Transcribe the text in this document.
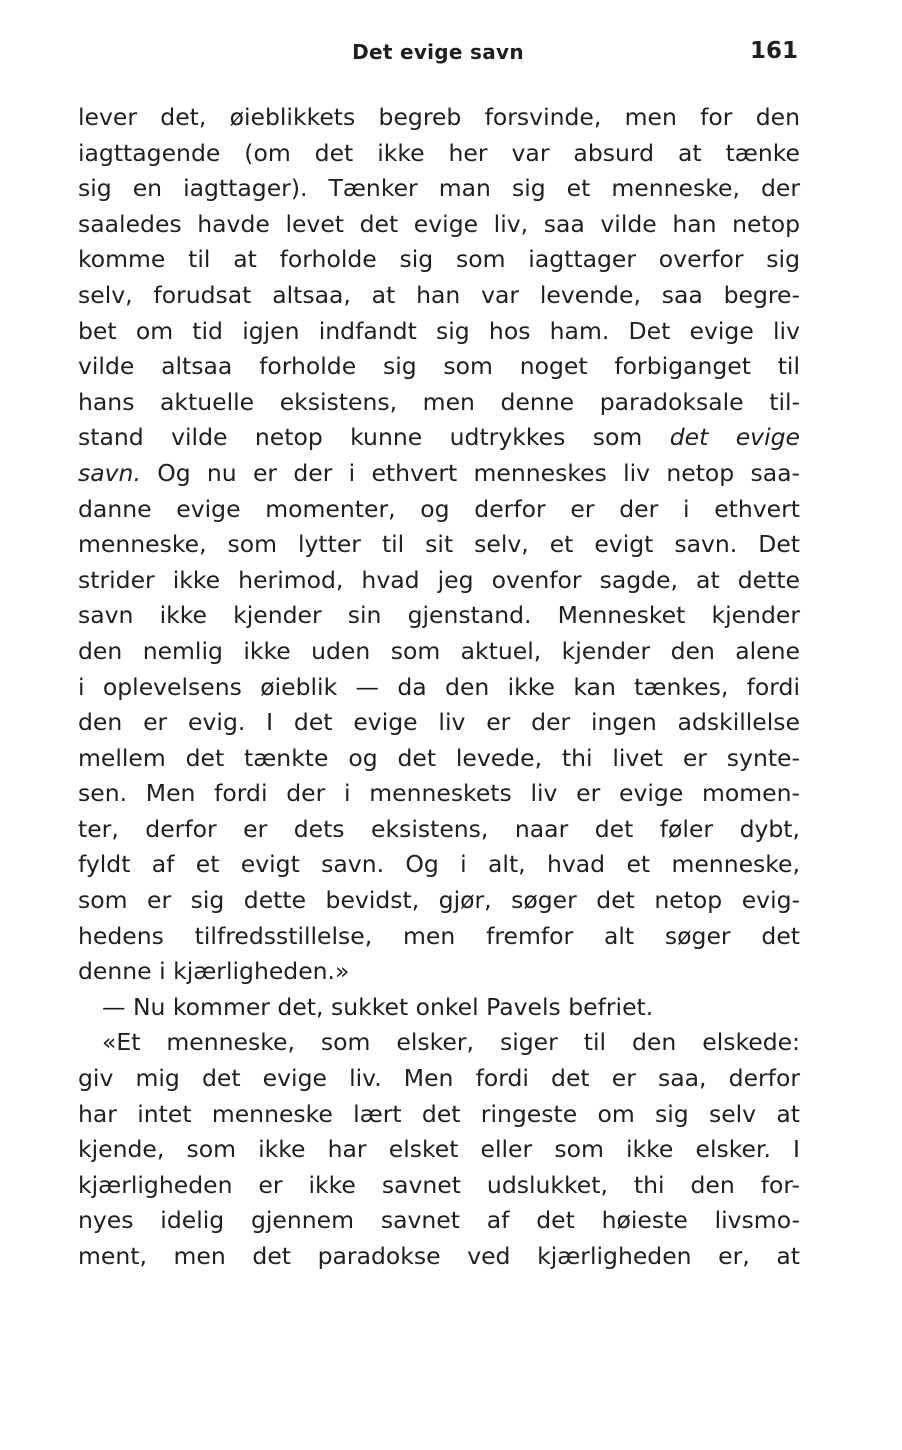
Det evige savn	161
lever det, øieblikkets begreb forsvinde, men for den
iagttagende (om det ikke her var absurd at tænke
sig en iagttager). Tænker man sig et menneske, der
saaledes havde levet det evige liv, saa vilde han netop
komme til at forholde sig som iagttager overfor sig
selv, forudsat altsaa, at han var levende, saa begre-
bet om tid igjen indfandt sig hos ham. Det evige liv
vilde altsaa forholde sig som noget forbiganget til
hans aktuelle eksistens, men denne paradoksale til-
stand vilde netop kunne udtrykkes som det evige
savn. Og nu er der i ethvert menneskes liv netop saa-
danne evige momenter, og derfor er der i ethvert
menneske, som lytter til sit selv, et evigt savn. Det
strider ikke herimod, hvad jeg ovenfor sagde, at dette
savn ikke kjender sin gjenstand. Mennesket kjender
den nemlig ikke uden som aktuel, kjender den alene
i oplevelsens øieblik — da den ikke kan tænkes, fordi
den er evig. I det evige liv er der ingen adskillelse
mellem det tænkte og det levede, thi livet er synte-
sen. Men fordi der i menneskets liv er evige momen-
ter, derfor er dets eksistens, naar det føler dybt,
fyldt af et evigt savn. Og i alt, hvad et menneske,
som er sig dette bevidst, gjør, søger det netop evig-
hedens tilfredsstillelse, men fremfor alt søger det
denne i kjærligheden.»
— Nu kommer det, sukket onkel Pavels befriet.
«Et menneske, som elsker, siger til den elskede:
giv mig det evige liv. Men fordi det er saa, derfor
har intet menneske lært det ringeste om sig selv at
kjende, som ikke har elsket eller som ikke elsker. I
kjærligheden er ikke savnet udslukket, thi den for-
nyes idelig gjennem savnet af det høieste livsmo-
ment, men det paradokse ved kjærligheden er, at
